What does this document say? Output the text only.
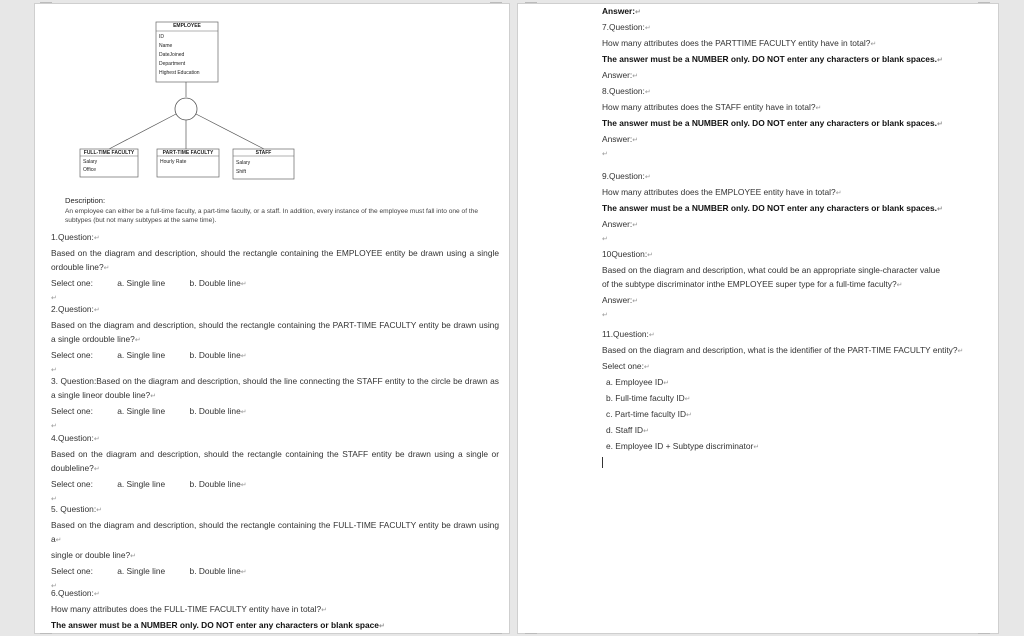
EMPLOYEE
ID
Name
DateJoined
Department
Highest Education
FULL-TIME FACULTY
Salary
Office
PART-TIME FACULTY
Hourly Rate
STAFF
Salary
Shift
Description:
An employee can either be a full-time faculty, a part-time faculty, or a staff. In addition, every instance of the employee must fall into one of the subtypes (but not many subtypes at the same time).
1.Question:↵
Based on the diagram and description, should the rectangle containing the EMPLOYEE entity be drawn using a single ordouble line?↵
Select one:	a. Single line	b. Double line↵
↵
2.Question:↵
Based on the diagram and description, should the rectangle containing the PART-TIME FACULTY entity be drawn using a single ordouble line?↵
Select one:	a. Single line	b. Double line↵
↵
3. Question:Based on the diagram and description, should the line connecting the STAFF entity to the circle be drawn as a single lineor double line?↵
Select one:	a. Single line	b. Double line↵
↵
4.Question:↵
Based on the diagram and description, should the rectangle containing the STAFF entity be drawn using a single or doubleline?↵
Select one:	a. Single line	b. Double line↵
↵
5. Question:↵
Based on the diagram and description, should the rectangle containing the FULL-TIME FACULTY entity be drawn using a↵
single or double line?↵
Select one:	a. Single line	b. Double line↵
↵
6.Question:↵
How many attributes does the FULL-TIME FACULTY entity have in total?↵
The answer must be a NUMBER only. DO NOT enter any characters or blank space↵
Answer:↵
7.Question:↵
How many attributes does the PARTTIME FACULTY entity have in total?↵
The answer must be a NUMBER only. DO NOT enter any characters or blank spaces.↵
Answer:↵
8.Question:↵
How many attributes does the STAFF entity have in total?↵
The answer must be a NUMBER only. DO NOT enter any characters or blank spaces.↵
Answer:↵
↵
9.Question:↵
How many attributes does the EMPLOYEE entity have in total?↵
The answer must be a NUMBER only. DO NOT enter any characters or blank spaces.↵
Answer:↵
↵
10Question:↵
Based on the diagram and description, what could be an appropriate single-character value
of the subtype discriminator inthe EMPLOYEE super type for a full-time faculty?↵
Answer:↵
↵
11.Question:↵
Based on the diagram and description, what is the identifier of the PART-TIME FACULTY entity?↵
Select one:↵
a. Employee ID↵
b. Full-time faculty ID↵
c. Part-time faculty ID↵
d. Staff ID↵
e. Employee ID + Subtype discriminator↵
